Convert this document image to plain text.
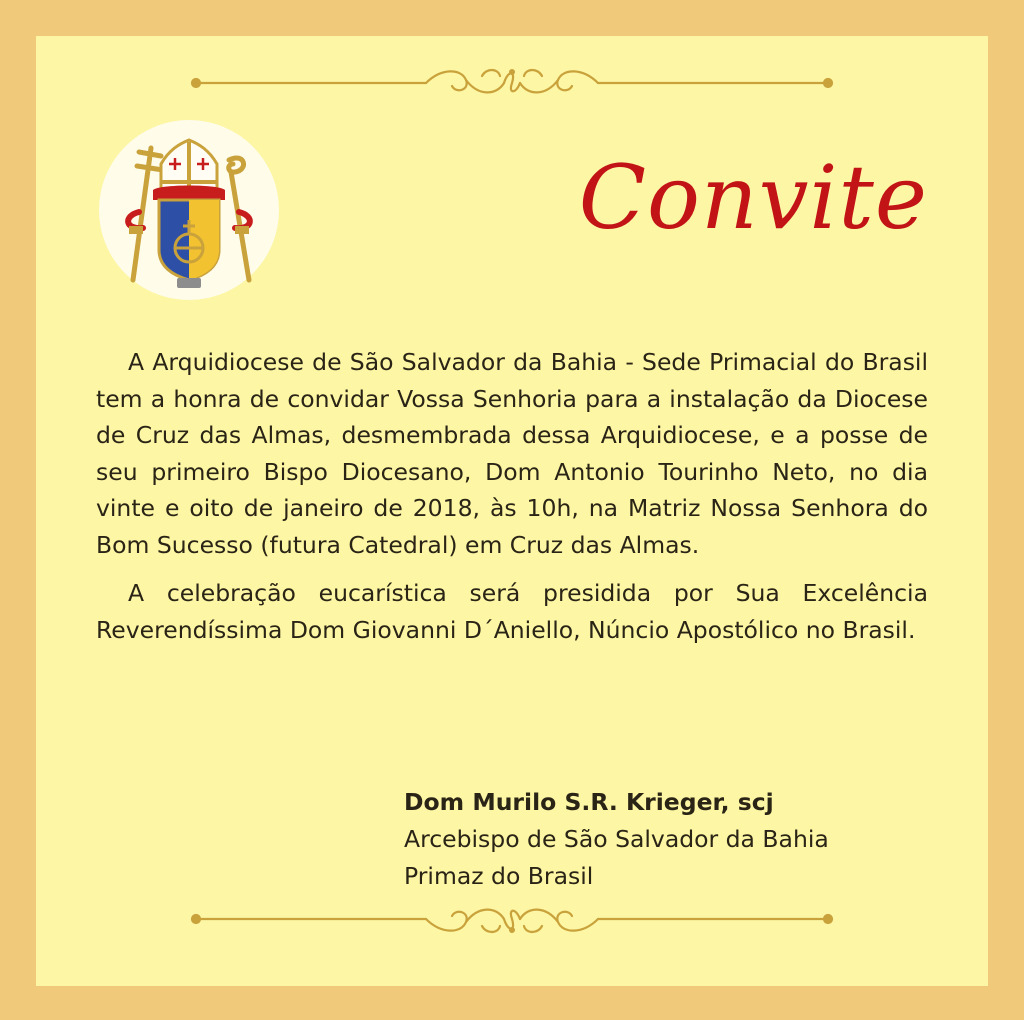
Convite

A Arquidiocese de São Salvador da Bahia - Sede Primacial do Brasil tem a honra de convidar Vossa Senhoria para a instalação da Diocese de Cruz das Almas, desmembrada dessa Arquidiocese, e a posse de seu primeiro Bispo Diocesano, Dom Antonio Tourinho Neto, no dia vinte e oito de janeiro de 2018, às 10h, na Matriz Nossa Senhora do Bom Sucesso (futura Catedral) em Cruz das Almas.

A celebração eucarística será presidida por Sua Excelência Reverendíssima Dom Giovanni D´Aniello, Núncio Apostólico no Brasil.

Dom Murilo S.R. Krieger, scj
Arcebispo de São Salvador da Bahia
Primaz do Brasil
